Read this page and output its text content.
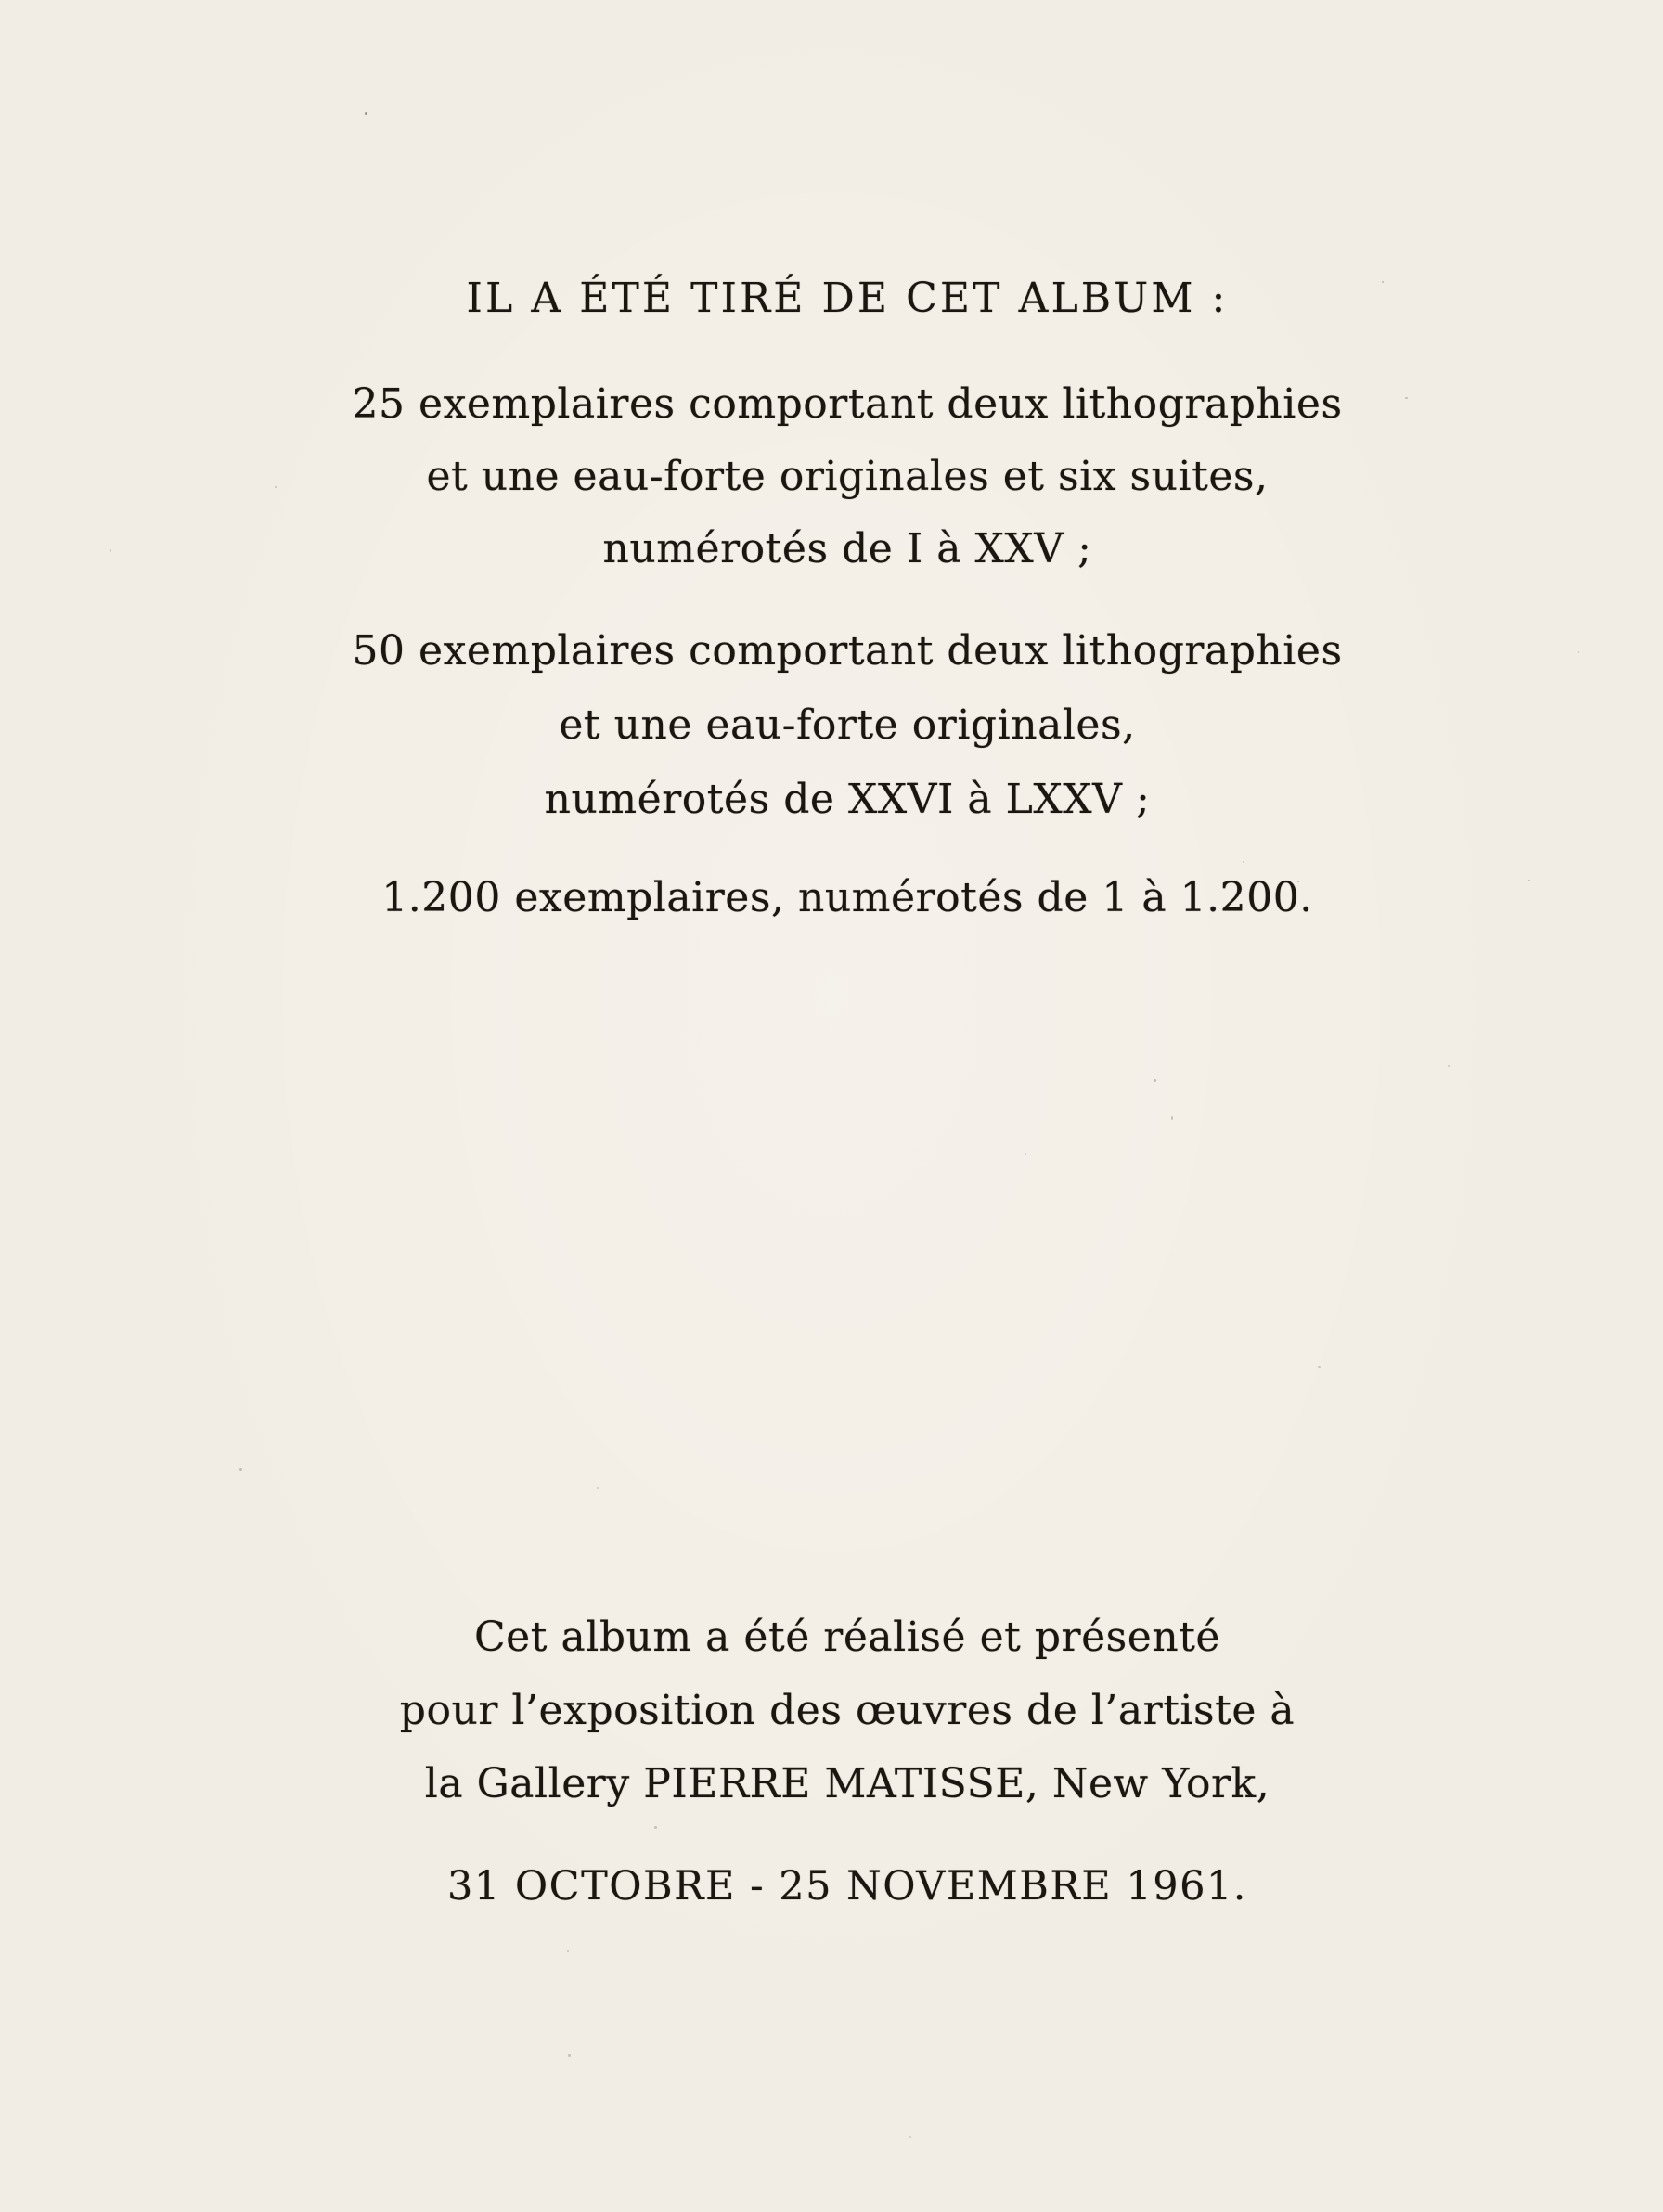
IL A ÉTÉ TIRÉ DE CET ALBUM :
25 exemplaires comportant deux lithographies
et une eau-forte originales et six suites,
numérotés de I à XXV ;
50 exemplaires comportant deux lithographies
et une eau-forte originales,
numérotés de XXVI à LXXV ;
1.200 exemplaires, numérotés de 1 à 1.200.
Cet album a été réalisé et présenté
pour l’exposition des œuvres de l’artiste à
la Gallery PIERRE MATISSE, New York,
31 OCTOBRE - 25 NOVEMBRE 1961.
